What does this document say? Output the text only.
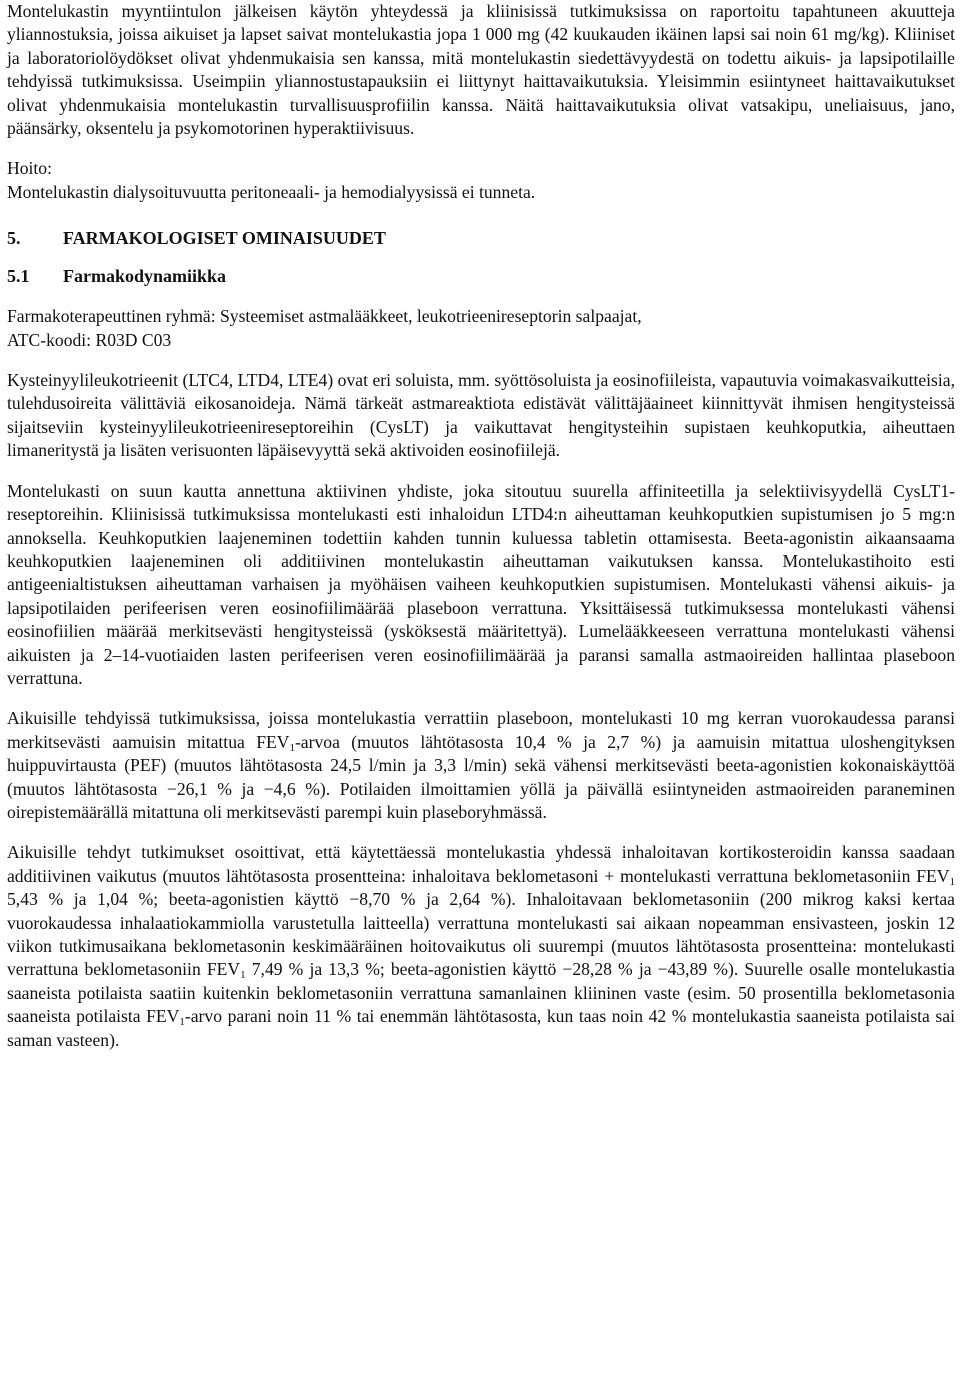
Montelukastin myyntiintulon jälkeisen käytön yhteydessä ja kliinisissä tutkimuksissa on raportoitu tapahtuneen akuutteja yliannostuksia, joissa aikuiset ja lapset saivat montelukastia jopa 1 000 mg (42 kuukauden ikäinen lapsi sai noin 61 mg/kg). Kliiniset ja laboratoriolöydökset olivat yhdenmukaisia sen kanssa, mitä montelukastin siedettävyydestä on todettu aikuis- ja lapsipotilaille tehdyissä tutkimuksissa. Useimpiin yliannostustapauksiin ei liittynyt haittavaikutuksia. Yleisimmin esiintyneet haittavaikutukset olivat yhdenmukaisia montelukastin turvallisuusprofiilin kanssa. Näitä haittavaikutuksia olivat vatsakipu, uneliaisuus, jano, päänsärky, oksentelu ja psykomotorinen hyperaktiivisuus.

Hoito:

Montelukastin dialysoituvuutta peritoneaali- ja hemodialyysissä ei tunneta.

5. FARMAKOLOGISET OMINAISUUDET
5.1 Farmakodynamiikka

Farmakoterapeuttinen ryhmä: Systeemiset astmalääkkeet, leukotrieenireseptorin salpaajat,
ATC-koodi: R03D C03

Kysteinyylileukotrieenit (LTC4, LTD4, LTE4) ovat eri soluista, mm. syöttösoluista ja eosinofiileista, vapautuvia voimakasvaikutteisia, tulehdusoireita välittäviä eikosanoideja. Nämä tärkeät astmareaktiota edistävät välittäjäaineet kiinnittyvät ihmisen hengitysteissä sijaitseviin kysteinyylileukotrieenireseptoreihin (CysLT) ja vaikuttavat hengitysteihin supistaen keuhkoputkia, aiheuttaen limaneritystä ja lisäten verisuonten läpäisevyyttä sekä aktivoiden eosinofiilejä.

Montelukasti on suun kautta annettuna aktiivinen yhdiste, joka sitoutuu suurella affiniteetilla ja selektiivisyydellä CysLT1-reseptoreihin. Kliinisissä tutkimuksissa montelukasti esti inhaloidun LTD4:n aiheuttaman keuhkoputkien supistumisen jo 5 mg:n annoksella. Keuhkoputkien laajeneminen todettiin kahden tunnin kuluessa tabletin ottamisesta. Beeta-agonistin aikaansaama keuhkoputkien laajeneminen oli additiivinen montelukastin aiheuttaman vaikutuksen kanssa. Montelukastihoito esti antigeenialtistuksen aiheuttaman varhaisen ja myöhäisen vaiheen keuhkoputkien supistumisen. Montelukasti vähensi aikuis- ja lapsipotilaiden perifeerisen veren eosinofiilimäärää plaseboon verrattuna. Yksittäisessä tutkimuksessa montelukasti vähensi eosinofiilien määrää merkitsevästi hengitysteissä (ysköksestä määritettyä). Lumelääkkeeseen verrattuna montelukasti vähensi aikuisten ja 2–14-vuotiaiden lasten perifeerisen veren eosinofiilimäärää ja paransi samalla astmaoireiden hallintaa plaseboon verrattuna.

Aikuisille tehdyissä tutkimuksissa, joissa montelukastia verrattiin plaseboon, montelukasti 10 mg kerran vuorokaudessa paransi merkitsevästi aamuisin mitattua $FEV_1$-arvoa (muutos lähtötasosta 10,4 % ja 2,7 %) ja aamuisin mitattua uloshengityksen huippuvirtausta (PEF) (muutos lähtötasosta 24,5 l/min ja 3,3 l/min) sekä vähensi merkitsevästi beeta-agonistien kokonaiskäyttöä (muutos lähtötasosta −26,1 % ja −4,6 %). Potilaiden ilmoittamien yöllä ja päivällä esiintyneiden astmaoireiden paraneminen oirepistemäärällä mitattuna oli merkitsevästi parempi kuin plaseboryhmässä.

Aikuisille tehdyt tutkimukset osoittivat, että käytettäessä montelukastia yhdessä inhaloitavan kortikosteroidin kanssa saadaan additiivinen vaikutus (muutos lähtötasosta prosentteina: inhaloitava beklometasoni + montelukasti verrattuna beklometasoniin $FEV_1$ 5,43 % ja 1,04 %; beeta-agonistien käyttö −8,70 % ja 2,64 %). Inhaloitavaan beklometasoniin (200 mikrog kaksi kertaa vuorokaudessa inhalaatiokammiolla varustetulla laitteella) verrattuna montelukasti sai aikaan nopeamman ensivasteen, joskin 12 viikon tutkimusaikana beklometasonin keskimääräinen hoitovaikutus oli suurempi (muutos lähtötasosta prosentteina: montelukasti verrattuna beklometasoniin $FEV_1$ 7,49 % ja 13,3 %; beeta-agonistien käyttö −28,28 % ja −43,89 %). Suurelle osalle montelukastia saaneista potilaista saatiin kuitenkin beklometasoniin verrattuna samanlainen kliininen vaste (esim. 50 prosentilla beklometasonia saaneista potilaista $FEV_1$-arvo parani noin 11 % tai enemmän lähtötasosta, kun taas noin 42 % montelukastia saaneista potilaista sai saman vasteen).
